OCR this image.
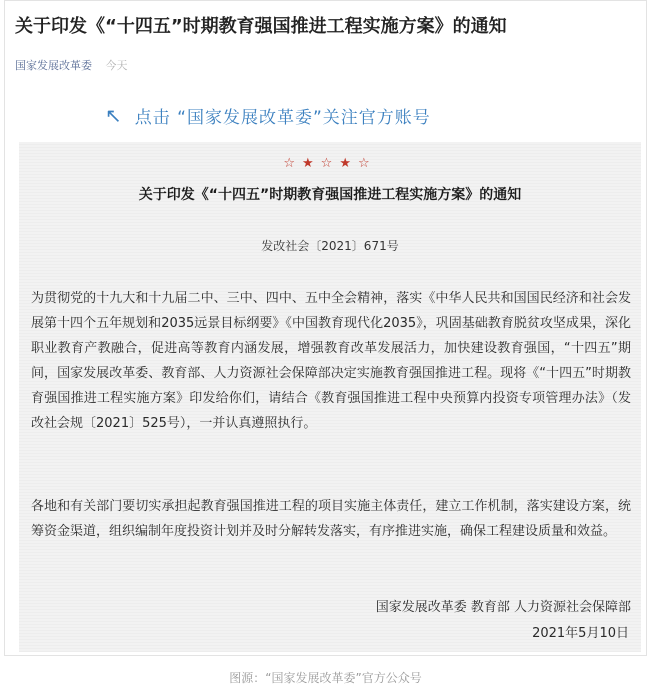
关于印发《“十四五”时期教育强国推进工程实施方案》的通知
国家发展改革委 今天
↑ 点击 “国家发展改革委”关注官方账号
☆★☆★☆
关于印发《“十四五”时期教育强国推进工程实施方案》的通知
发改社会〔2021〕671号

为贯彻党的十九大和十九届二中、三中、四中、五中全会精神，落实《中华人民共和国国民经济和社会发展第十四个五年规划和2035远景目标纲要》《中国教育现代化2035》，巩固基础教育脱贫攻坚成果，深化职业教育产教融合，促进高等教育内涵发展，增强教育改革发展活力，加快建设教育强国，“十四五”期间，国家发展改革委、教育部、人力资源社会保障部决定实施教育强国推进工程。现将《“十四五”时期教育强国推进工程实施方案》印发给你们，请结合《教育强国推进工程中央预算内投资专项管理办法》（发改社会规〔2021〕525号），一并认真遵照执行。

各地和有关部门要切实承担起教育强国推进工程的项目实施主体责任，建立工作机制，落实建设方案，统筹资金渠道，组织编制年度投资计划并及时分解转发落实，有序推进实施，确保工程建设质量和效益。

国家发展改革委 教育部 人力资源社会保障部
2021年5月10日
图源：“国家发展改革委”官方公众号
